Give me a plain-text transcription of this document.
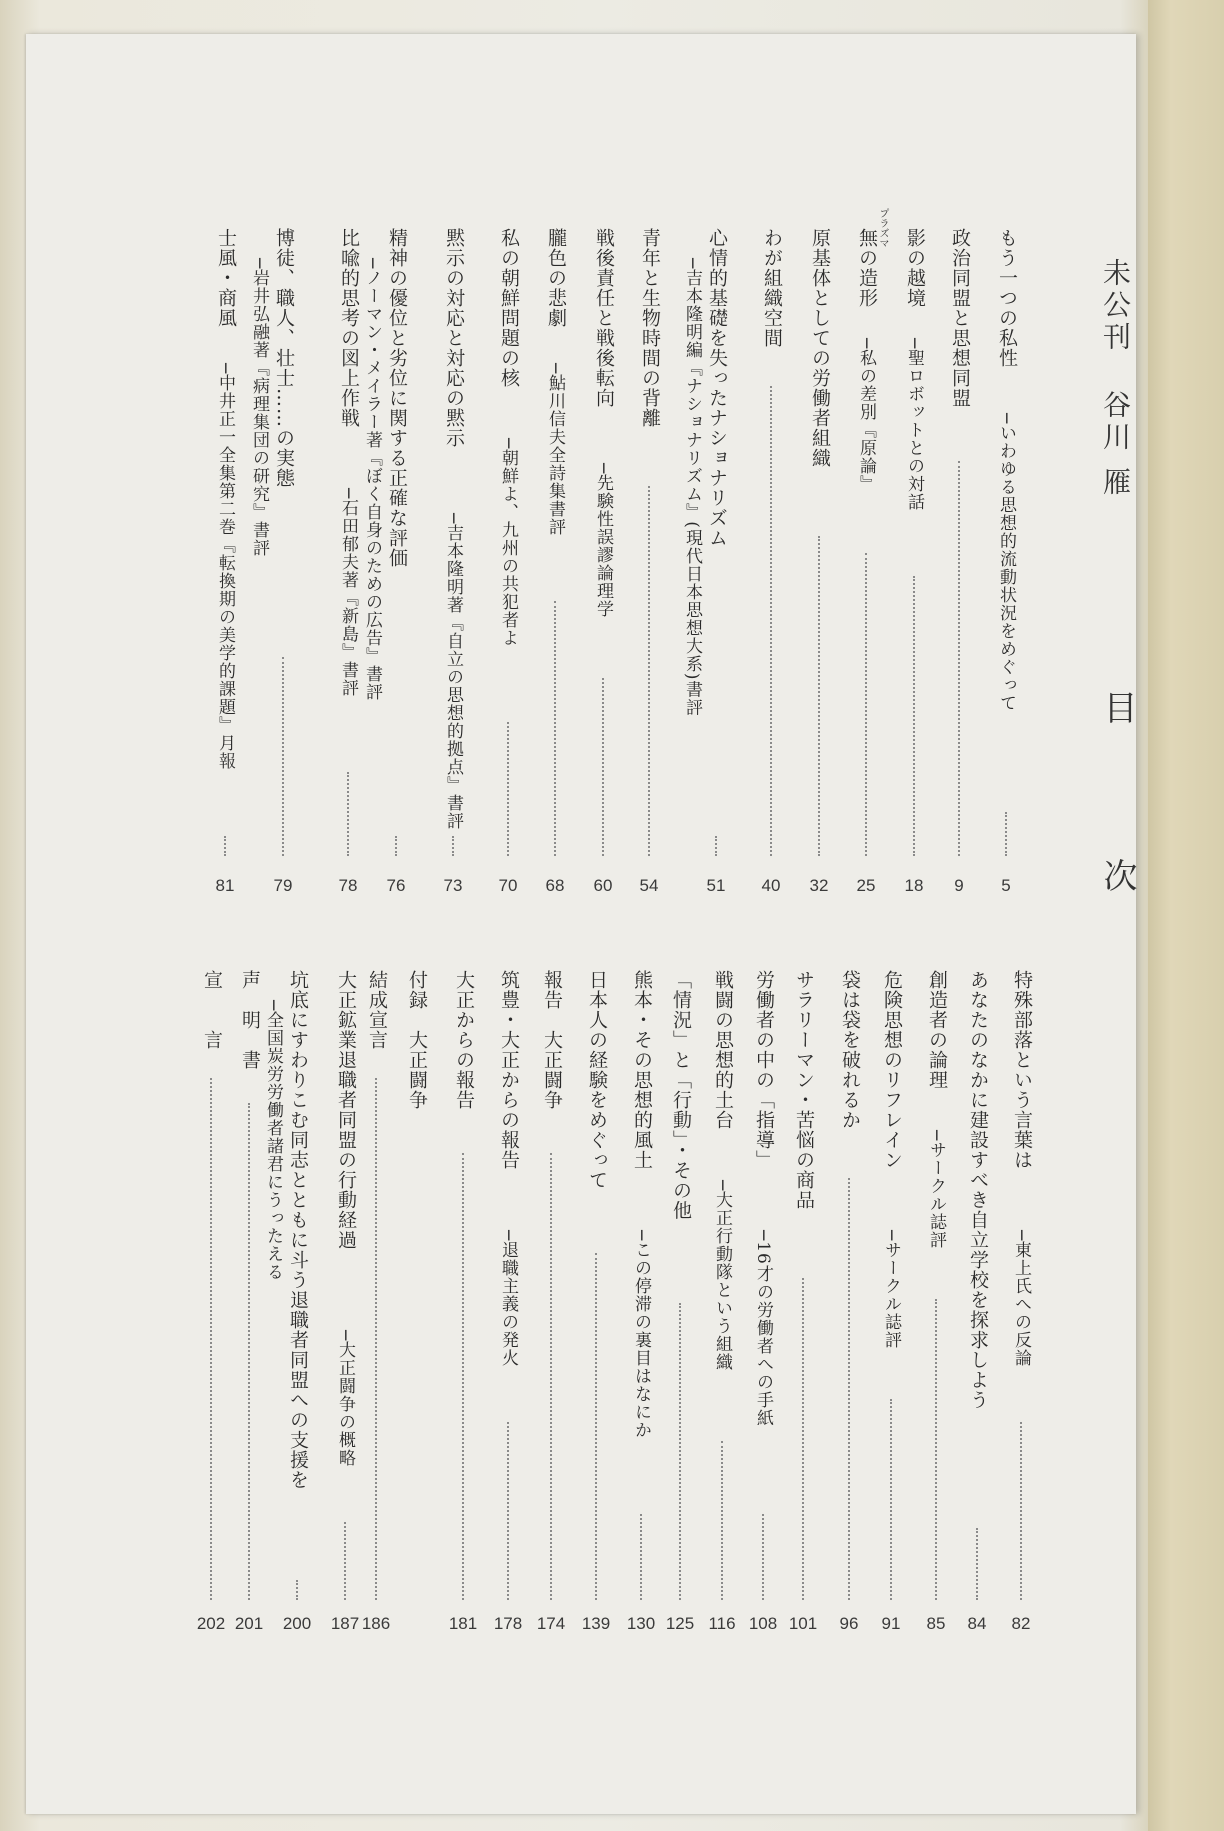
未公刊
谷川 雁
目
次
もう一つの私性
─いわゆる思想的流動状況をめぐって
5
政治同盟と思想同盟
9
影の越境
─聖ロボットとの対話
18
無の造形
─私の差別『原論』
プラズマ
25
原基体としての労働者組織
32
わが組織空間
40
心情的基礎を失ったナショナリズム
─吉本隆明編『ナショナリズム』(現代日本思想大系)書評
51
青年と生物時間の背離
54
戦後責任と戦後転向
─先験性誤謬論理学
60
朧色の悲劇
─鮎川信夫全詩集書評
68
私の朝鮮問題の核
─朝鮮よ、九州の共犯者よ
70
黙示の対応と対応の黙示
─吉本隆明著『自立の思想的拠点』書評
73
精神の優位と劣位に関する正確な評価
─ノーマン・メイラー著『ぼく自身のための広告』書評
76
比喩的思考の図上作戦
─石田郁夫著『新島』書評
78
博徒、職人、壮士……の実態
─岩井弘融著『病理集団の研究』書評
79
士風・商風
─中井正一全集第二巻『転換期の美学的課題』月報
81
特殊部落という言葉は
─東上氏への反論
82
あなたのなかに建設すべき自立学校を探求しよう
84
創造者の論理
─サークル誌評
85
危険思想のリフレイン
─サークル誌評
91
袋は袋を破れるか
96
サラリーマン・苦悩の商品
101
労働者の中の「指導」
─16才の労働者への手紙
108
戦闘の思想的土台
─大正行動隊という組織
116
「情況」と「行動」・その他
125
熊本・その思想的風土
─この停滞の裏目はなにか
130
日本人の経験をめぐって
139
報告　大正闘争
174
筑豊・大正からの報告
─退職主義の発火
178
大正からの報告
181
付録　大正闘争
結成宣言
186
大正鉱業退職者同盟の行動経過
─大正闘争の概略
187
坑底にすわりこむ同志とともに斗う退職者同盟への支援を
─全国炭労労働者諸君にうったえる
200
声　明　書
201
宣　　言
202
